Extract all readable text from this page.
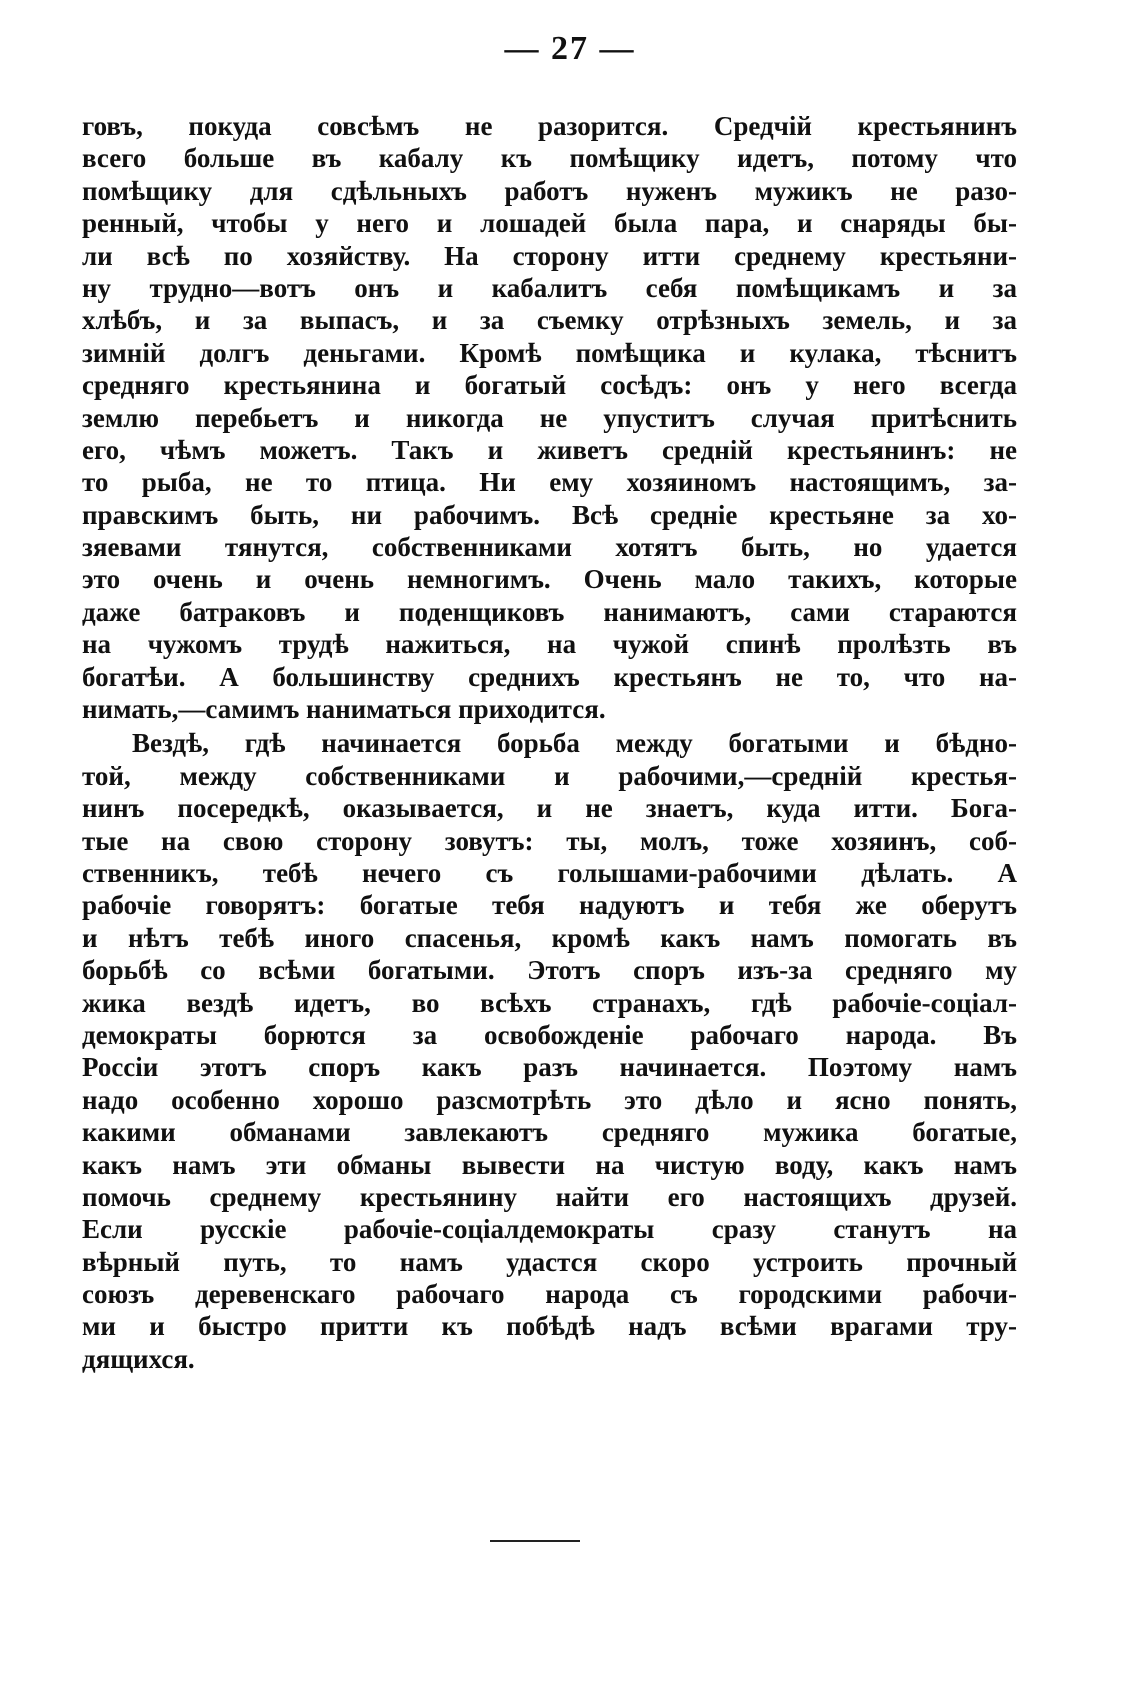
— 27 —
говъ, покуда совсѣмъ не разорится. Средчій крестьянинъ
всего больше въ кабалу къ помѣщику идетъ, потому что
помѣщику для сдѣльныхъ работъ нуженъ мужикъ не разо-
ренный, чтобы у него и лошадей была пара, и снаряды бы-
ли всѣ по хозяйству. На сторону итти среднему крестьяни-
ну трудно—вотъ онъ и кабалитъ себя помѣщикамъ и за
хлѣбъ, и за выпасъ, и за съемку отрѣзныхъ земель, и за
зимній долгъ деньгами. Кромѣ помѣщика и кулака, тѣснитъ
средняго крестьянина и богатый сосѣдъ: онъ у него всегда
землю перебьетъ и никогда не упуститъ случая притѣснить
его, чѣмъ можетъ. Такъ и живетъ средній крестьянинъ: не
то рыба, не то птица. Ни ему хозяиномъ настоящимъ, за-
правскимъ быть, ни рабочимъ. Всѣ средніе крестьяне за хо-
зяевами тянутся, собственниками хотятъ быть, но удается
это очень и очень немногимъ. Очень мало такихъ, которые
даже батраковъ и поденщиковъ нанимаютъ, сами стараются
на чужомъ трудѣ нажиться, на чужой спинѣ пролѣзть въ
богатѣи. А большинству среднихъ крестьянъ не то, что на-
нимать,—самимъ наниматься приходится.
Вездѣ, гдѣ начинается борьба между богатыми и бѣдно-
той, между собственниками и рабочими,—средній крестья-
нинъ посередкѣ, оказывается, и не знаетъ, куда итти. Бога-
тые на свою сторону зовутъ: ты, молъ, тоже хозяинъ, соб-
ственникъ, тебѣ нечего съ голышами-рабочими дѣлать. А
рабочіе говорятъ: богатые тебя надуютъ и тебя же оберутъ
и нѣтъ тебѣ иного спасенья, кромѣ какъ намъ помогать въ
борьбѣ со всѣми богатыми. Этотъ споръ изъ-за средняго му
жика вездѣ идетъ, во всѣхъ странахъ, гдѣ рабочіе-соціал-
демократы борются за освобожденіе рабочаго народа. Въ
Россіи этотъ споръ какъ разъ начинается. Поэтому намъ
надо особенно хорошо разсмотрѣть это дѣло и ясно понять,
какими обманами завлекаютъ средняго мужика богатые,
какъ намъ эти обманы вывести на чистую воду, какъ намъ
помочь среднему крестьянину найти его настоящихъ друзей.
Если русскіе рабочіе-соціалдемократы сразу станутъ на
вѣрный путь, то намъ удастся скоро устроить прочный
союзъ деревенскаго рабочаго народа съ городскими рабочи-
ми и быстро притти къ побѣдѣ надъ всѣми врагами тру-
дящихся.
